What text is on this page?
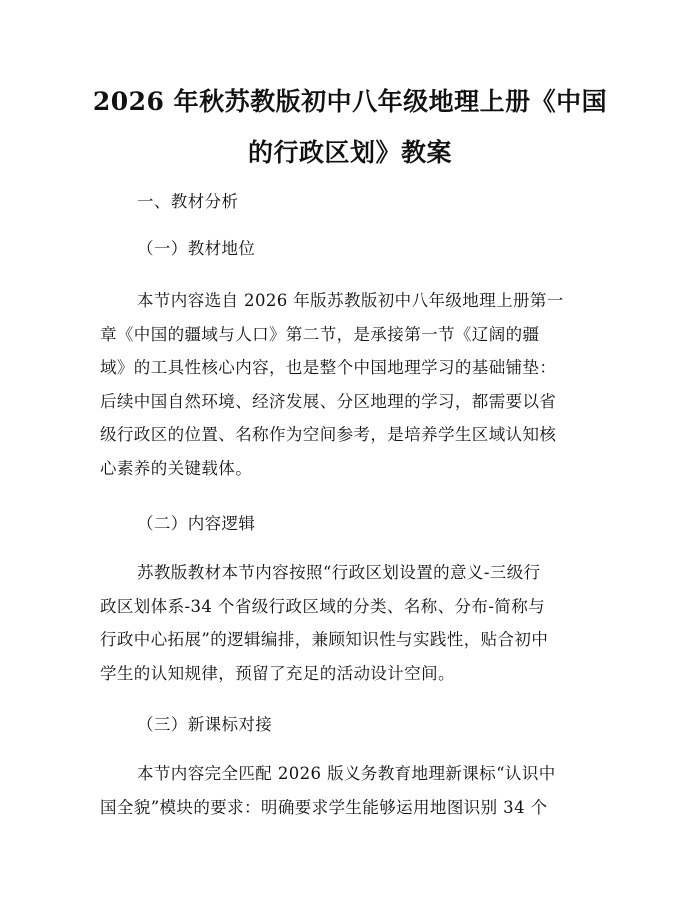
2026 年秋苏教版初中八年级地理上册《中国
的行政区划》教案
一、教材分析
（一）教材地位
本节内容选自 2026 年版苏教版初中八年级地理上册第一
章《中国的疆域与人口》第二节，是承接第一节《辽阔的疆
域》的工具性核心内容，也是整个中国地理学习的基础铺垫：
后续中国自然环境、经济发展、分区地理的学习，都需要以省
级行政区的位置、名称作为空间参考，是培养学生区域认知核
心素养的关键载体。
（二）内容逻辑
苏教版教材本节内容按照“行政区划设置的意义-三级行
政区划体系-34 个省级行政区域的分类、名称、分布-简称与
行政中心拓展”的逻辑编排，兼顾知识性与实践性，贴合初中
学生的认知规律，预留了充足的活动设计空间。
（三）新课标对接
本节内容完全匹配 2026 版义务教育地理新课标“认识中
国全貌”模块的要求：明确要求学生能够运用地图识别 34 个
